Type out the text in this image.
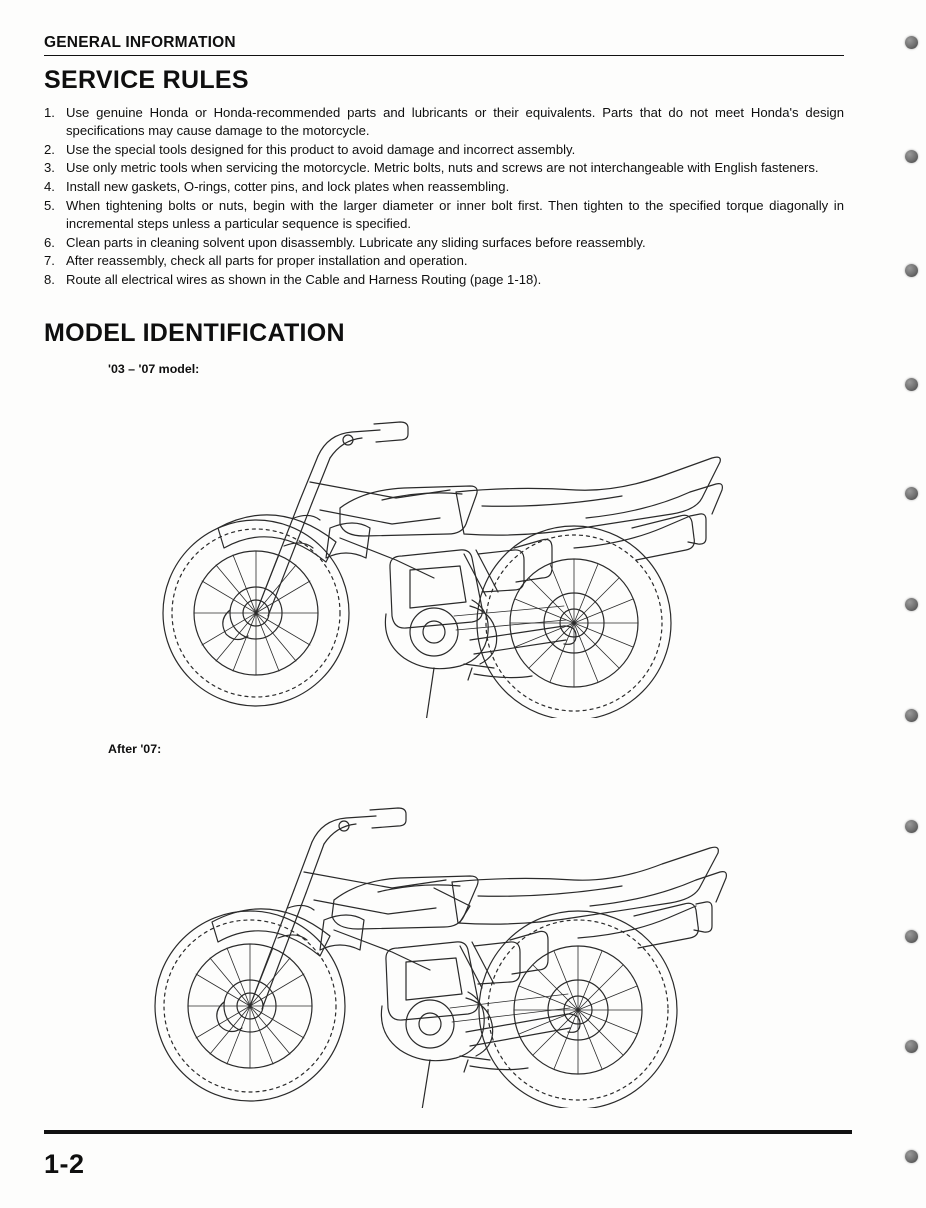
GENERAL INFORMATION
SERVICE RULES
1. Use genuine Honda or Honda-recommended parts and lubricants or their equivalents. Parts that do not meet Honda's design specifications may cause damage to the motorcycle.
2. Use the special tools designed for this product to avoid damage and incorrect assembly.
3. Use only metric tools when servicing the motorcycle. Metric bolts, nuts and screws are not interchangeable with English fasteners.
4. Install new gaskets, O-rings, cotter pins, and lock plates when reassembling.
5. When tightening bolts or nuts, begin with the larger diameter or inner bolt first. Then tighten to the specified torque diagonally in incremental steps unless a particular sequence is specified.
6. Clean parts in cleaning solvent upon disassembly. Lubricate any sliding surfaces before reassembly.
7. After reassembly, check all parts for proper installation and operation.
8. Route all electrical wires as shown in the Cable and Harness Routing (page 1-18).
MODEL IDENTIFICATION
'03 – '07 model:
After '07:
1-2
